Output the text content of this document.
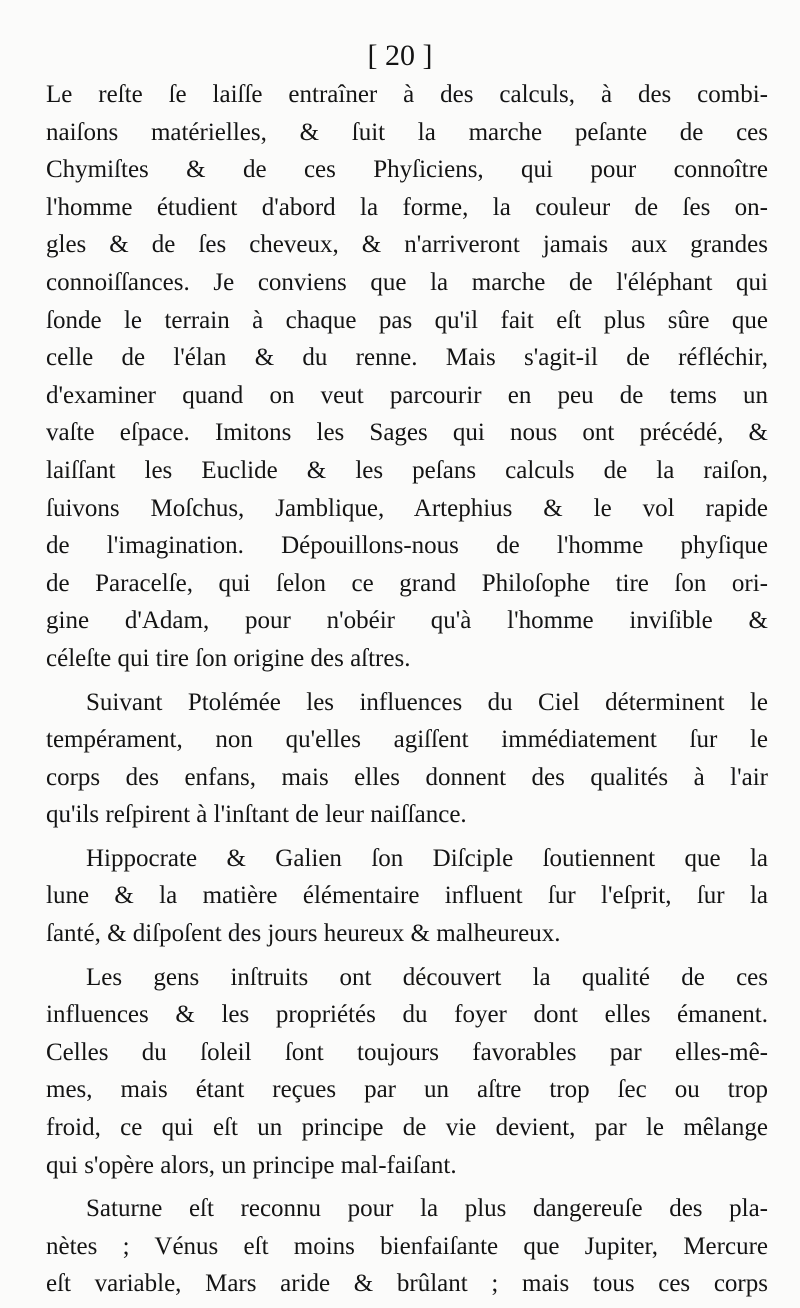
[ 20 ]
Le reſte ſe laiſſe entraîner à des calculs, à des combi-
naiſons matérielles, & ſuit la marche peſante de ces
Chymiſtes & de ces Phyſiciens, qui pour connoître
l'homme étudient d'abord la forme, la couleur de ſes on-
gles & de ſes cheveux, & n'arriveront jamais aux grandes
connoiſſances. Je conviens que la marche de l'éléphant qui
ſonde le terrain à chaque pas qu'il fait eſt plus sûre que
celle de l'élan & du renne. Mais s'agit-il de réfléchir,
d'examiner quand on veut parcourir en peu de tems un
vaſte eſpace. Imitons les Sages qui nous ont précédé, &
laiſſant les Euclide & les peſans calculs de la raiſon,
ſuivons Moſchus, Jamblique, Artephius & le vol rapide
de l'imagination. Dépouillons-nous de l'homme phyſique
de Paracelſe, qui ſelon ce grand Philoſophe tire ſon ori-
gine d'Adam, pour n'obéir qu'à l'homme inviſible &
céleſte qui tire ſon origine des aſtres.
Suivant Ptolémée les influences du Ciel déterminent le
tempérament, non qu'elles agiſſent immédiatement ſur le
corps des enfans, mais elles donnent des qualités à l'air
qu'ils reſpirent à l'inſtant de leur naiſſance.
Hippocrate & Galien ſon Diſciple ſoutiennent que la
lune & la matière élémentaire influent ſur l'eſprit, ſur la
ſanté, & diſpoſent des jours heureux & malheureux.
Les gens inſtruits ont découvert la qualité de ces
influences & les propriétés du foyer dont elles émanent.
Celles du ſoleil ſont toujours favorables par elles-mê-
mes, mais étant reçues par un aſtre trop ſec ou trop
froid, ce qui eſt un principe de vie devient, par le mêlange
qui s'opère alors, un principe mal-faiſant.
Saturne eſt reconnu pour la plus dangereuſe des pla-
nètes ; Vénus eſt moins bienfaiſante que Jupiter, Mercure
eſt variable, Mars aride & brûlant ; mais tous ces corps
